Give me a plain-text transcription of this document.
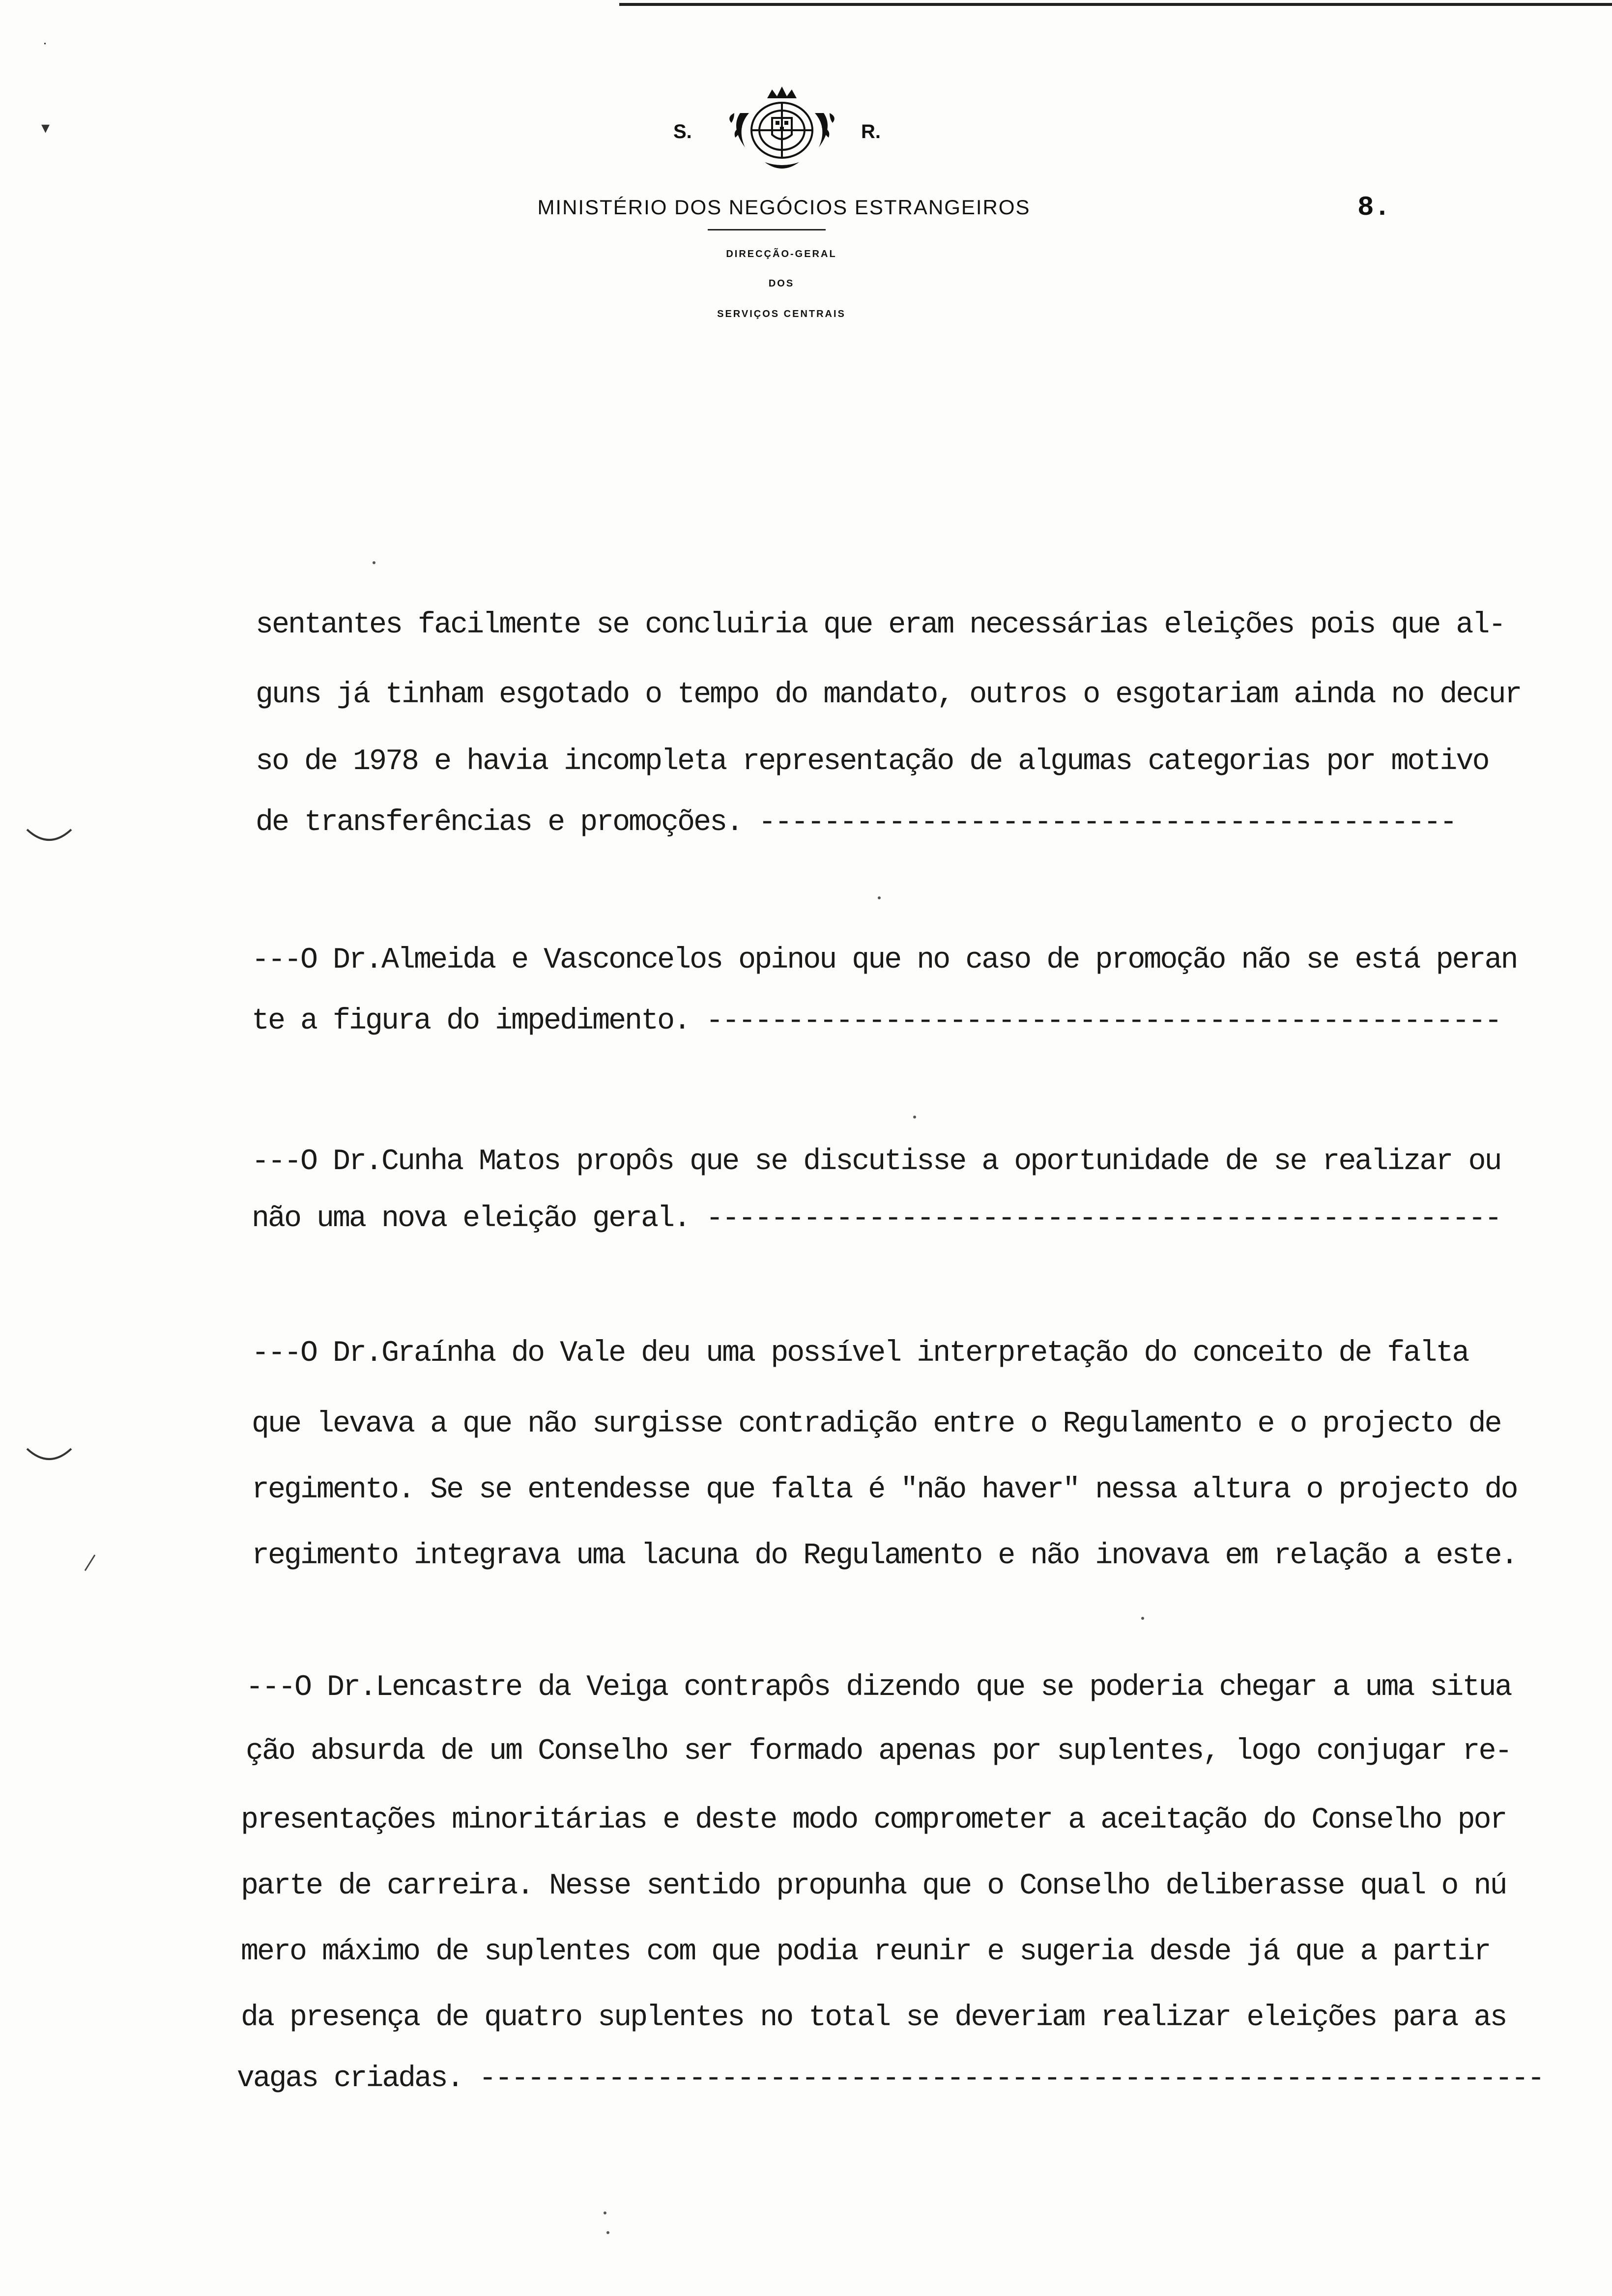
⸱
▾	S.	R.
MINISTÉRIO DOS NEGÓCIOS ESTRANGEIROS
DIRECÇÃO-GERAL
DOS
SERVIÇOS CENTRAIS
8.
sentantes facilmente se concluiria que eram necessárias eleições pois que al-
guns já tinham esgotado o tempo do mandato, outros o esgotariam ainda no decur
so de 1978 e havia incompleta representação de algumas categorias por motivo
de transferências e promoções. -------------------------------------------
---O Dr.Almeida e Vasconcelos opinou que no caso de promoção não se está peran
te a figura do impedimento. -------------------------------------------------
---O Dr.Cunha Matos propôs que se discutisse a oportunidade de se realizar ou
não uma nova eleição geral. -------------------------------------------------
---O Dr.Graínha do Vale deu uma possível interpretação do conceito de falta
que levava a que não surgisse contradição entre o Regulamento e o projecto de
regimento. Se se entendesse que falta é "não haver" nessa altura o projecto do
regimento integrava uma lacuna do Regulamento e não inovava em relação a este.
---O Dr.Lencastre da Veiga contrapôs dizendo que se poderia chegar a uma situa
ção absurda de um Conselho ser formado apenas por suplentes, logo conjugar re-
presentações minoritárias e deste modo comprometer a aceitação do Conselho por
parte de carreira. Nesse sentido propunha que o Conselho deliberasse qual o nú
mero máximo de suplentes com que podia reunir e sugeria desde já que a partir
da presença de quatro suplentes no total se deveriam realizar eleições para as
vagas criadas. ------------------------------------------------------------------
